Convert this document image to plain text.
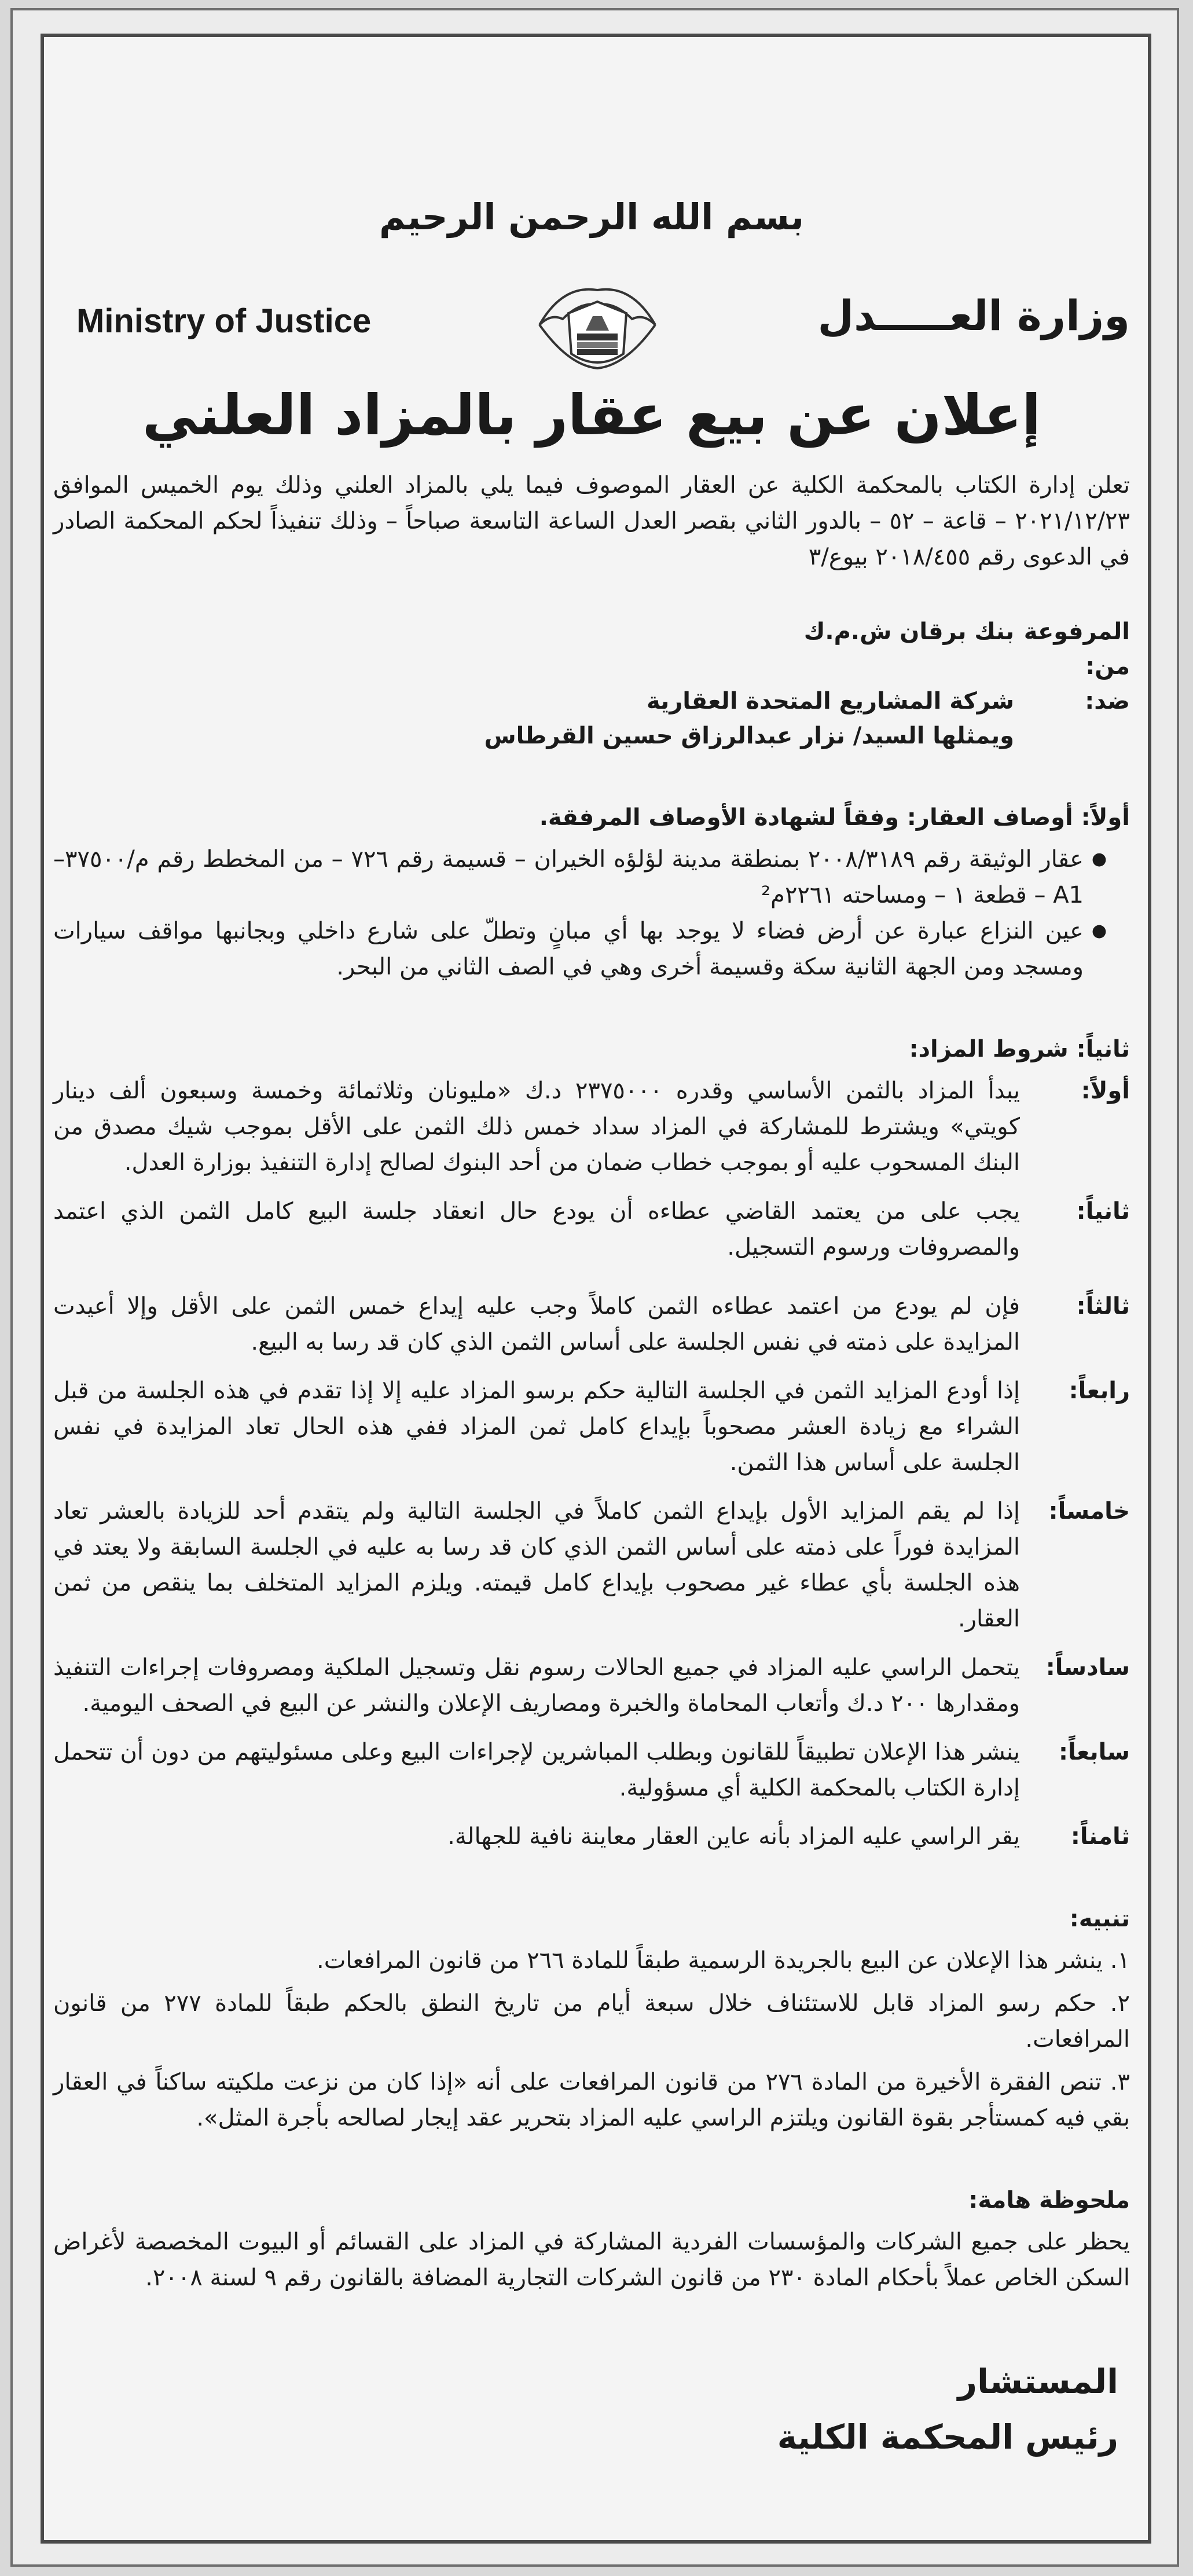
بسم الله الرحمن الرحيم
Ministry of Justice	وزارة العـــــدل
إعلان عن بيع عقار بالمزاد العلني

تعلن إدارة الكتاب بالمحكمة الكلية عن العقار الموصوف فيما يلي بالمزاد العلني وذلك يوم الخميس الموافق ٢٠٢١/١٢/٢٣ – قاعة – ٥٢ – بالدور الثاني بقصر العدل الساعة التاسعة صباحاً – وذلك تنفيذاً لحكم المحكمة الصادر في الدعوى رقم ٢٠١٨/٤٥٥ بيوع/٣

المرفوعة من:
بنك برقان ش.م.ك
ضد:
شركة المشاريع المتحدة العقارية
ويمثلها السيد/ نزار عبدالرزاق حسين القرطاس
أولاً: أوصاف العقار: وفقاً لشهادة الأوصاف المرفقة.
● عقار الوثيقة رقم ٢٠٠٨/٣١٨٩ بمنطقة مدينة لؤلؤه الخيران – قسيمة رقم ٧٢٦ – من المخطط رقم م/٣٧٥٠٠–A1 – قطعة ١ – ومساحته ٢٢٦١م²
● عين النزاع عبارة عن أرض فضاء لا يوجد بها أي مبانٍ وتطلّ على شارع داخلي وبجانبها مواقف سيارات ومسجد ومن الجهة الثانية سكة وقسيمة أخرى وهي في الصف الثاني من البحر.
ثانياً: شروط المزاد:
أولاً:
يبدأ المزاد بالثمن الأساسي وقدره ٢٣٧٥٠٠٠ د.ك «مليونان وثلاثمائة وخمسة وسبعون ألف دينار كويتي» ويشترط للمشاركة في المزاد سداد خمس ذلك الثمن على الأقل بموجب شيك مصدق من البنك المسحوب عليه أو بموجب خطاب ضمان من أحد البنوك لصالح إدارة التنفيذ بوزارة العدل.
ثانياً:
يجب على من يعتمد القاضي عطاءه أن يودع حال انعقاد جلسة البيع كامل الثمن الذي اعتمد والمصروفات ورسوم التسجيل.
ثالثاً:
فإن لم يودع من اعتمد عطاءه الثمن كاملاً وجب عليه إيداع خمس الثمن على الأقل وإلا أعيدت المزايدة على ذمته في نفس الجلسة على أساس الثمن الذي كان قد رسا به البيع.
رابعاً:
إذا أودع المزايد الثمن في الجلسة التالية حكم برسو المزاد عليه إلا إذا تقدم في هذه الجلسة من قبل الشراء مع زيادة العشر مصحوباً بإيداع كامل ثمن المزاد ففي هذه الحال تعاد المزايدة في نفس الجلسة على أساس هذا الثمن.
خامساً:
إذا لم يقم المزايد الأول بإيداع الثمن كاملاً في الجلسة التالية ولم يتقدم أحد للزيادة بالعشر تعاد المزايدة فوراً على ذمته على أساس الثمن الذي كان قد رسا به عليه في الجلسة السابقة ولا يعتد في هذه الجلسة بأي عطاء غير مصحوب بإيداع كامل قيمته. ويلزم المزايد المتخلف بما ينقص من ثمن العقار.
سادساً:
يتحمل الراسي عليه المزاد في جميع الحالات رسوم نقل وتسجيل الملكية ومصروفات إجراءات التنفيذ ومقدارها ٢٠٠ د.ك وأتعاب المحاماة والخبرة ومصاريف الإعلان والنشر عن البيع في الصحف اليومية.
سابعاً:
ينشر هذا الإعلان تطبيقاً للقانون وبطلب المباشرين لإجراءات البيع وعلى مسئوليتهم من دون أن تتحمل إدارة الكتاب بالمحكمة الكلية أي مسؤولية.
ثامناً:
يقر الراسي عليه المزاد بأنه عاين العقار معاينة نافية للجهالة.
تنبيه:
١. ينشر هذا الإعلان عن البيع بالجريدة الرسمية طبقاً للمادة ٢٦٦ من قانون المرافعات.
٢. حكم رسو المزاد قابل للاستئناف خلال سبعة أيام من تاريخ النطق بالحكم طبقاً للمادة ٢٧٧ من قانون المرافعات.
٣. تنص الفقرة الأخيرة من المادة ٢٧٦ من قانون المرافعات على أنه «إذا كان من نزعت ملكيته ساكناً في العقار بقي فيه كمستأجر بقوة القانون ويلتزم الراسي عليه المزاد بتحرير عقد إيجار لصالحه بأجرة المثل».
ملحوظة هامة:

يحظر على جميع الشركات والمؤسسات الفردية المشاركة في المزاد على القسائم أو البيوت المخصصة لأغراض السكن الخاص عملاً بأحكام المادة ٢٣٠ من قانون الشركات التجارية المضافة بالقانون رقم ٩ لسنة ٢٠٠٨.

المستشار
رئيس المحكمة الكلية
